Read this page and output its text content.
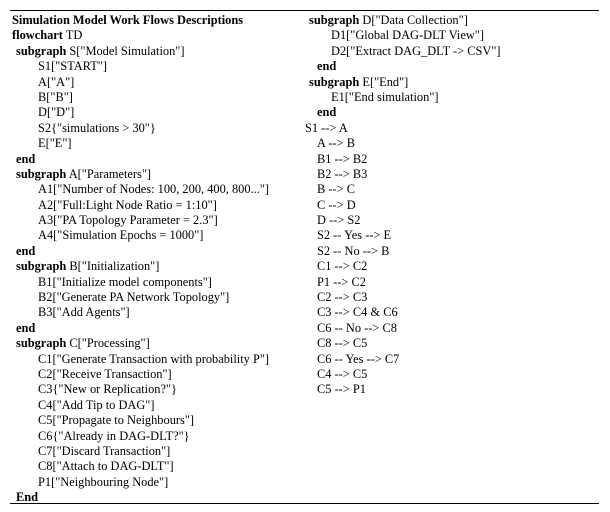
Simulation Model Work Flows Descriptions
flowchart TD
subgraph S["Model Simulation"]
S1["START"]
A["A"]
B["B"]
D["D"]
S2{"simulations > 30"}
E["E"]
end
subgraph A["Parameters"]
A1["Number of Nodes: 100, 200, 400, 800..."]
A2["Full:Light Node Ratio = 1:10"]
A3["PA Topology Parameter = 2.3"]
A4["Simulation Epochs = 1000"]
end
subgraph B["Initialization"]
B1["Initialize model components"]
B2["Generate PA Network Topology"]
B3["Add Agents"]
end
subgraph C["Processing"]
C1["Generate Transaction with probability P"]
C2["Receive Transaction"]
C3{"New or Replication?"}
C4["Add Tip to DAG"]
C5["Propagate to Neighbours"]
C6{"Already in DAG-DLT?"}
C7["Discard Transaction"]
C8["Attach to DAG-DLT"]
P1["Neighbouring Node"]
End
subgraph D["Data Collection"]
D1["Global DAG-DLT View"]
D2["Extract DAG_DLT -> CSV"]
end
subgraph E["End"]
E1["End simulation"]
end
S1 --> A
A --> B
B1 --> B2
B2 --> B3
B --> C
C --> D
D --> S2
S2 -- Yes --> E
S2 -- No --> B
C1 --> C2
P1 --> C2
C2 --> C3
C3 --> C4 & C6
C6 -- No --> C8
C8 --> C5
C6 -- Yes --> C7
C4 --> C5
C5 --> P1
